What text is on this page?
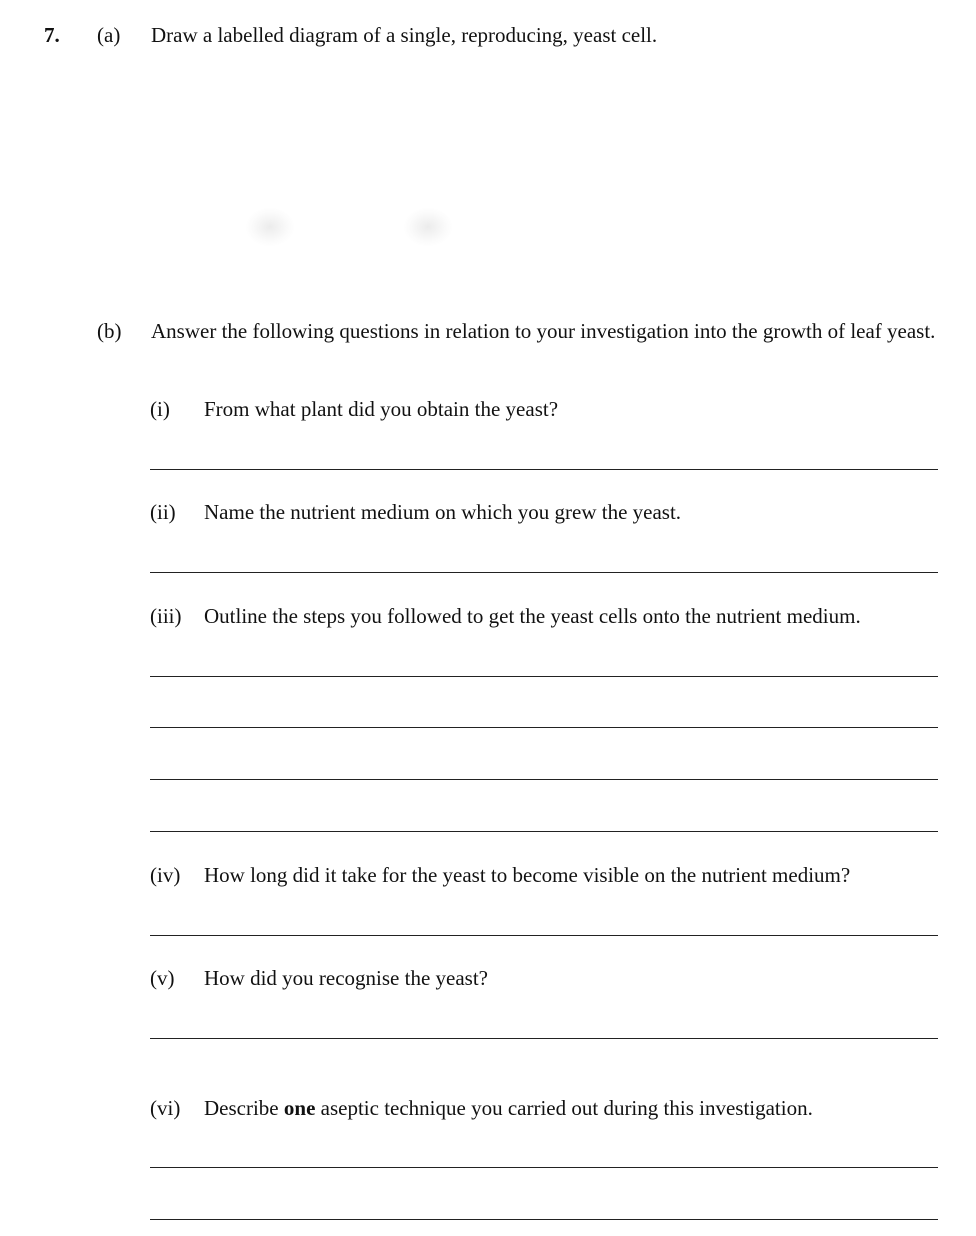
7. (a) Draw a labelled diagram of a single, reproducing, yeast cell.
(b) Answer the following questions in relation to your investigation into the growth of leaf yeast.
(i) From what plant did you obtain the yeast?
(ii) Name the nutrient medium on which you grew the yeast.
(iii) Outline the steps you followed to get the yeast cells onto the nutrient medium.
(iv) How long did it take for the yeast to become visible on the nutrient medium?
(v) How did you recognise the yeast?
(vi) Describe one aseptic technique you carried out during this investigation.
